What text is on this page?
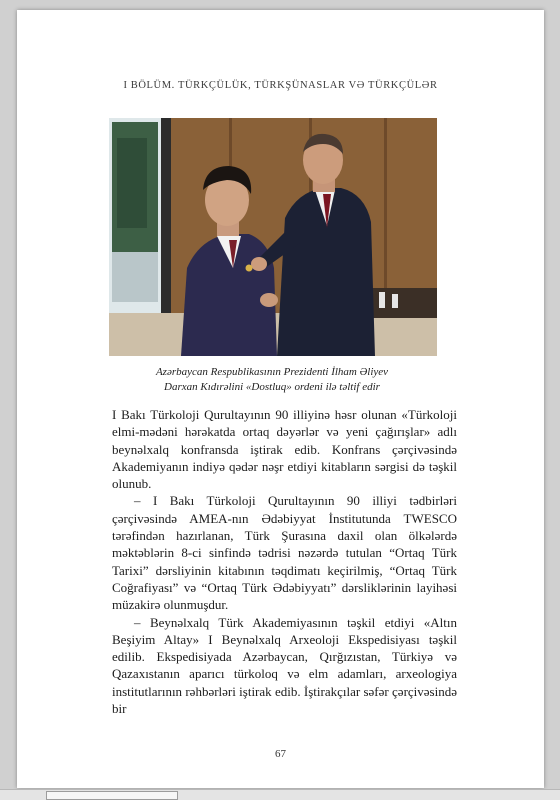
I BÖLÜM. TÜRKÇÜLÜK, TÜRKŞÜNASLAR VƏ TÜRKÇÜLƏR
Azərbaycan Respublikasının Prezidenti İlham Əliyev
Darxan Kıdırəlini «Dostluq» ordeni ilə təltif edir

I Bakı Türkoloji Qurultayının 90 illiyinə həsr olunan «Türkoloji elmi-mədəni hərəkatda ortaq dəyərlər və yeni çağırışlar» adlı beynəlxalq konfransda iştirak edib. Konfrans çərçivəsində Akademiyanın indiyə qədər nəşr etdiyi kitabların sərgisi də təşkil olunub.

– I Bakı Türkoloji Qurultayının 90 illiyi tədbirləri çərçivəsində AMEA-nın Ədəbiyyat İnstitutunda TWESCO tərəfindən hazırlanan, Türk Şurasına daxil olan ölkələrdə məktəblərin 8-ci sinfində tədrisi nəzərdə tutulan “Ortaq Türk Tarixi” dərsliyinin kitabının təqdimatı keçirilmiş, “Ortaq Türk Coğrafiyası” və “Ortaq Türk Ədəbiyyatı” dərsliklərinin layihəsi müzakirə olunmuşdur.

– Beynəlxalq Türk Akademiyasının təşkil etdiyi «Altın Beşiyim Altay» I Beynəlxalq Arxeoloji Ekspedisiyası təşkil edilib. Ekspedisiyada Azərbaycan, Qırğızıstan, Türkiyə və Qazaxıstanın aparıcı türkoloq və elm adamları, arxeologiya institutlarının rəhbərləri iştirak edib. İştirakçılar səfər çərçivəsində bir

67
